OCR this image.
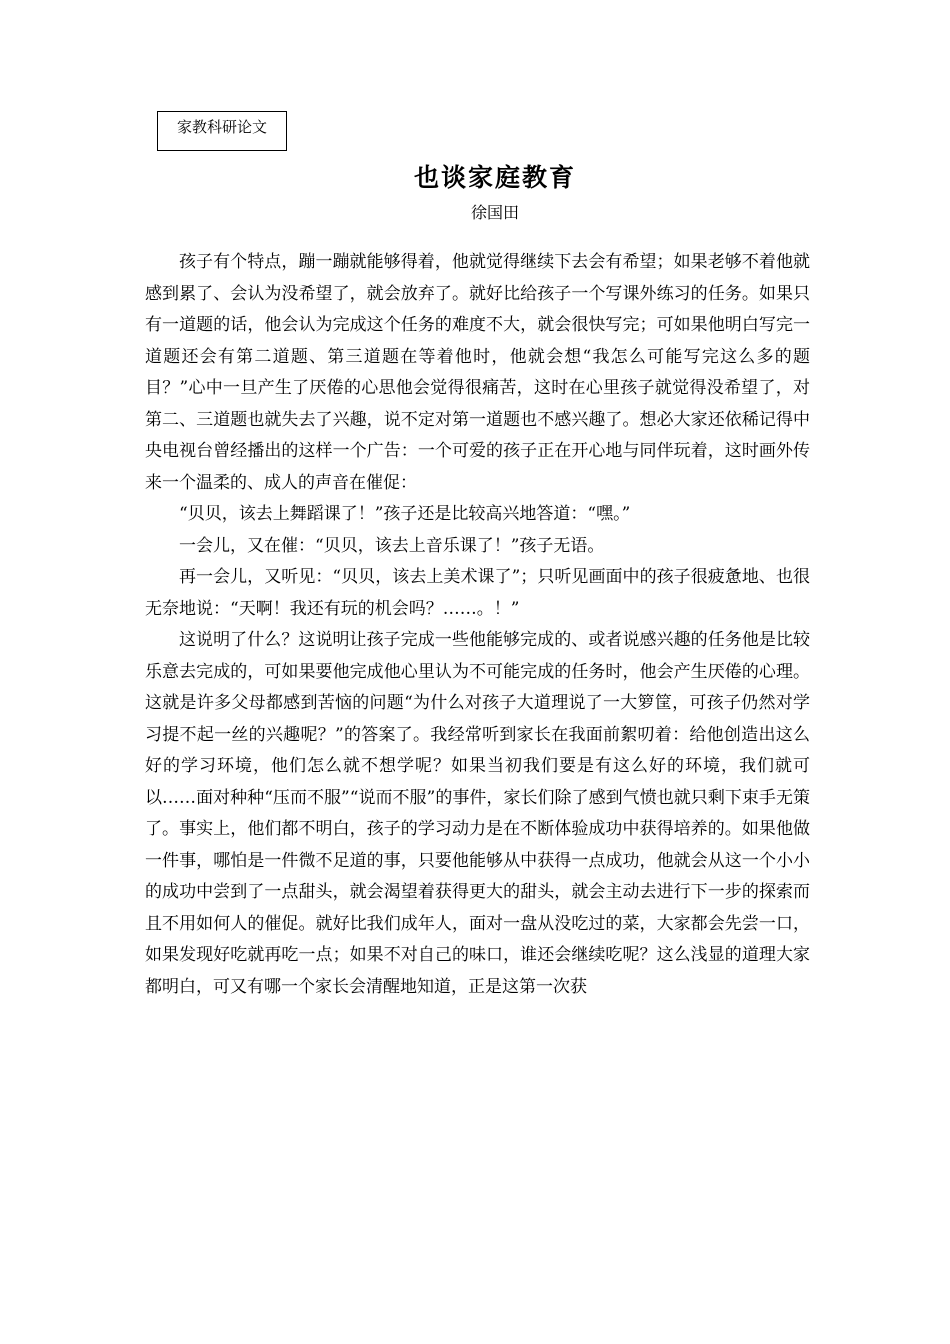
家教科研论文
也谈家庭教育
徐国田

孩子有个特点，蹦一蹦就能够得着，他就觉得继续下去会有希望；如果老够不着他就感到累了、会认为没希望了，就会放弃了。就好比给孩子一个写课外练习的任务。如果只有一道题的话，他会认为完成这个任务的难度不大，就会很快写完；可如果他明白写完一道题还会有第二道题、第三道题在等着他时，他就会想“我怎么可能写完这么多的题目？”心中一旦产生了厌倦的心思他会觉得很痛苦，这时在心里孩子就觉得没希望了，对第二、三道题也就失去了兴趣，说不定对第一道题也不感兴趣了。想必大家还依稀记得中央电视台曾经播出的这样一个广告：一个可爱的孩子正在开心地与同伴玩着，这时画外传来一个温柔的、成人的声音在催促：

“贝贝，该去上舞蹈课了！”孩子还是比较高兴地答道：“嘿。”

一会儿，又在催：“贝贝，该去上音乐课了！”孩子无语。

再一会儿，又听见：“贝贝，该去上美术课了”；只听见画面中的孩子很疲惫地、也很无奈地说：“天啊！我还有玩的机会吗？……。！”

这说明了什么？这说明让孩子完成一些他能够完成的、或者说感兴趣的任务他是比较乐意去完成的，可如果要他完成他心里认为不可能完成的任务时，他会产生厌倦的心理。这就是许多父母都感到苦恼的问题“为什么对孩子大道理说了一大箩筐，可孩子仍然对学习提不起一丝的兴趣呢？”的答案了。我经常听到家长在我面前絮叨着：给他创造出这么好的学习环境，他们怎么就不想学呢？如果当初我们要是有这么好的环境，我们就可以……面对种种“压而不服”“说而不服”的事件，家长们除了感到气愤也就只剩下束手无策了。事实上，他们都不明白，孩子的学习动力是在不断体验成功中获得培养的。如果他做一件事，哪怕是一件微不足道的事，只要他能够从中获得一点成功，他就会从这一个小小的成功中尝到了一点甜头，就会渴望着获得更大的甜头，就会主动去进行下一步的探索而且不用如何人的催促。就好比我们成年人，面对一盘从没吃过的菜，大家都会先尝一口，如果发现好吃就再吃一点；如果不对自己的味口，谁还会继续吃呢？这么浅显的道理大家都明白，可又有哪一个家长会清醒地知道，正是这第一次获
